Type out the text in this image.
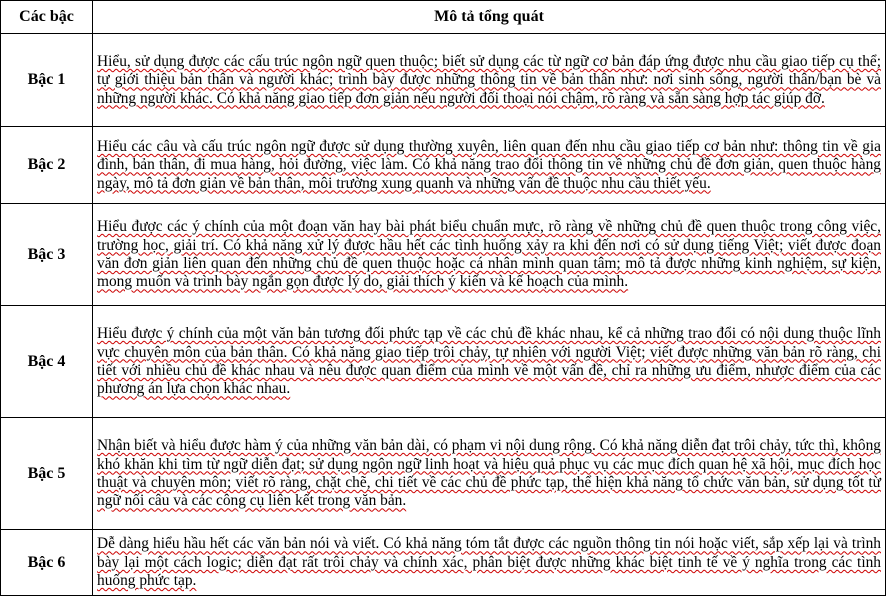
Các bậc	Mô tả tổng quát
Bậc 1	Hiểu, sử dụng được các cấu trúc ngôn ngữ quen thuộc; biết sử dụng các từ ngữ cơ bản đáp ứng được nhu cầu giao tiếp cụ thể; tự giới thiệu bản thân và người khác; trình bày được những thông tin về bản thân như: nơi sinh sống, người thân/bạn bè và những người khác. Có khả năng giao tiếp đơn giản nếu người đối thoại nói chậm, rõ ràng và sẵn sàng hợp tác giúp đỡ.
Bậc 2	Hiểu các câu và cấu trúc ngôn ngữ được sử dụng thường xuyên, liên quan đến nhu cầu giao tiếp cơ bản như: thông tin về gia đình, bản thân, đi mua hàng, hỏi đường, việc làm. Có khả năng trao đổi thông tin về những chủ đề đơn giản, quen thuộc hàng ngày, mô tả đơn giản về bản thân, môi trường xung quanh và những vấn đề thuộc nhu cầu thiết yếu.
Bậc 3	Hiểu được các ý chính của một đoạn văn hay bài phát biểu chuẩn mực, rõ ràng về những chủ đề quen thuộc trong công việc, trường học, giải trí. Có khả năng xử lý được hầu hết các tình huống xảy ra khi đến nơi có sử dụng tiếng Việt; viết được đoạn văn đơn giản liên quan đến những chủ đề quen thuộc hoặc cá nhân mình quan tâm; mô tả được những kinh nghiệm, sự kiện, mong muốn và trình bày ngắn gọn được lý do, giải thích ý kiến và kế hoạch của mình.
Bậc 4	Hiểu được ý chính của một văn bản tương đối phức tạp về các chủ đề khác nhau, kể cả những trao đổi có nội dung thuộc lĩnh vực chuyên môn của bản thân. Có khả năng giao tiếp trôi chảy, tự nhiên với người Việt; viết được những văn bản rõ ràng, chi tiết với nhiều chủ đề khác nhau và nêu được quan điểm của mình về một vấn đề, chỉ ra những ưu điểm, nhược điểm của các phương án lựa chọn khác nhau.
Bậc 5	Nhận biết và hiểu được hàm ý của những văn bản dài, có phạm vi nội dung rộng. Có khả năng diễn đạt trôi chảy, tức thì, không khó khăn khi tìm từ ngữ diễn đạt; sử dụng ngôn ngữ linh hoạt và hiệu quả phục vụ các mục đích quan hệ xã hội, mục đích học thuật và chuyên môn; viết rõ ràng, chặt chẽ, chi tiết về các chủ đề phức tạp, thể hiện khả năng tổ chức văn bản, sử dụng tốt từ ngữ nối câu và các công cụ liên kết trong văn bản.
Bậc 6	Dễ dàng hiểu hầu hết các văn bản nói và viết. Có khả năng tóm tắt được các nguồn thông tin nói hoặc viết, sắp xếp lại và trình bày lại một cách logic; diễn đạt rất trôi chảy và chính xác, phân biệt được những khác biệt tinh tế về ý nghĩa trong các tình huống phức tạp.
